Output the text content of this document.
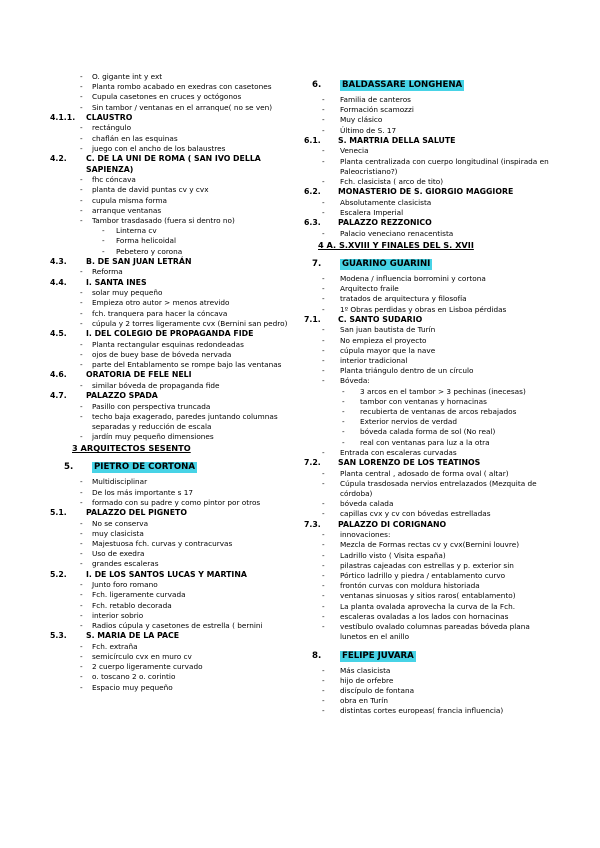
-	O. gigante int y ext
-	Planta rombo acabado en exedras con casetones
-	Cupula casetones en cruces y octógonos
-	Sin tambor / ventanas en el arranque( no se ven)
4.1.1.	CLAUSTRO
-	rectángulo
-	chaflán en las esquinas
-	juego con el ancho de los balaustres
4.2.	C. DE LA UNI DE ROMA ( SAN IVO DELLA SAPIENZA)
-	fhc cóncava
-	planta de david puntas cv y cvx
-	cupula misma forma
-	arranque ventanas
-	Tambor trasdasado (fuera si dentro no)
-	Linterna cv
-	Forma helicoidal
-	Pebetero y corona
4.3.	B. DE SAN JUAN LETRÁN
-	Reforma
4.4.	I. SANTA INES
-	solar muy pequeño
-	Empieza otro autor > menos atrevido
-	fch. tranquera para hacer la cóncava
-	cúpula y 2 torres ligeramente cvx (Bernini san pedro)
4.5.	I. DEL COLEGIO DE PROPAGANDA FIDE
-	Planta rectangular esquinas redondeadas
-	ojos de buey base de bóveda nervada
-	parte del Entablamento se rompe bajo las ventanas
4.6.	ORATORIA DE FELE NELI
-	similar bóveda de propaganda fide
4.7.	PALAZZO SPADA
-	Pasillo con perspectiva truncada
-	techo baja exagerado, paredes juntando columnas separadas y reducción de escala
-	jardín muy pequeño dimensiones
3 ARQUITECTOS SESENTO
5.	PIETRO DE CORTONA
-	Multidisciplinar
-	De los más importante s 17
-	formado con su padre y como pintor por otros
5.1.	PALAZZO DEL PIGNETO
-	No se conserva
-	muy clasicista
-	Majestuosa fch. curvas y contracurvas
-	Uso de exedra
-	grandes escaleras
5.2.	I. DE LOS SANTOS LUCAS Y MARTINA
-	Junto foro romano
-	Fch. ligeramente curvada
-	Fch. retablo decorada
-	interior sobrio
-	Radios cúpula y casetones de estrella ( bernini
5.3.	S. MARIA DE LA PACE
-	Fch. extraña
-	semicírculo cvx en muro cv
-	2 cuerpo ligeramente curvado
-	o. toscano 2 o. corintio
-	Espacio muy pequeño
6.	BALDASSARE LONGHENA
-	Familia de canteros
-	Formación scamozzi
-	Muy clásico
-	Último de S. 17
6.1.	S. MARTRIA DELLA SALUTE
-	Venecia
-	Planta centralizada con cuerpo longitudinal (inspirada en Paleocristiano?)
-	Fch. clasicista ( arco de tito)
6.2.	MONASTERIO DE S. GIORGIO MAGGIORE
-	Absolutamente clasicista
-	Escalera Imperial
6.3.	PALAZZO REZZONICO
-	Palacio veneciano renacentista
4 A. S.XVIII Y FINALES DEL S. XVII
7.	GUARINO GUARINI
-	Modena / influencia borromini y cortona
-	Arquitecto fraile
-	tratados de arquitectura y filosofía
-	1º Obras perdidas y obras en Lisboa pérdidas
7.1.	C. SANTO SUDARIO
-	San juan bautista de Turín
-	No empieza el proyecto
-	cúpula mayor que la nave
-	interior tradicional
-	Planta triángulo dentro de un círculo
-	Bóveda:
-	3 arcos en el tambor > 3 pechinas (inecesas)
-	tambor con ventanas y hornacinas
-	recubierta de ventanas de arcos rebajados
-	Exterior nervios de verdad
-	bóveda calada forma de sol (No real)
-	real con ventanas para luz a la otra
-	Entrada con escaleras curvadas
7.2.	SAN LORENZO DE LOS TEATINOS
-	Planta central , adosado de forma oval ( altar)
-	Cúpula trasdosada nervios entrelazados (Mezquita de córdoba)
-	bóveda calada
-	capillas cvx y cv con bóvedas estrelladas
7.3.	PALAZZO DI CORIGNANO
-	innovaciones:
-	Mezcla de Formas rectas cv y cvx(Bernini louvre)
-	Ladrillo visto ( Visita españa)
-	pilastras cajeadas con estrellas y p. exterior sin
-	Pórtico ladrillo y piedra / entablamento curvo
-	frontón curvas con moldura historiada
-	ventanas sinuosas y sitios raros( entablamento)
-	La planta ovalada aprovecha la curva de la Fch.
-	escaleras ovaladas a los lados con hornacinas
-	vestíbulo ovalado columnas pareadas bóveda plana lunetos en el anillo
8.	FELIPE JUVARA
-	Más clasicista
-	hijo de orfebre
-	discípulo de fontana
-	obra en Turín
-	distintas cortes europeas( francia influencia)
